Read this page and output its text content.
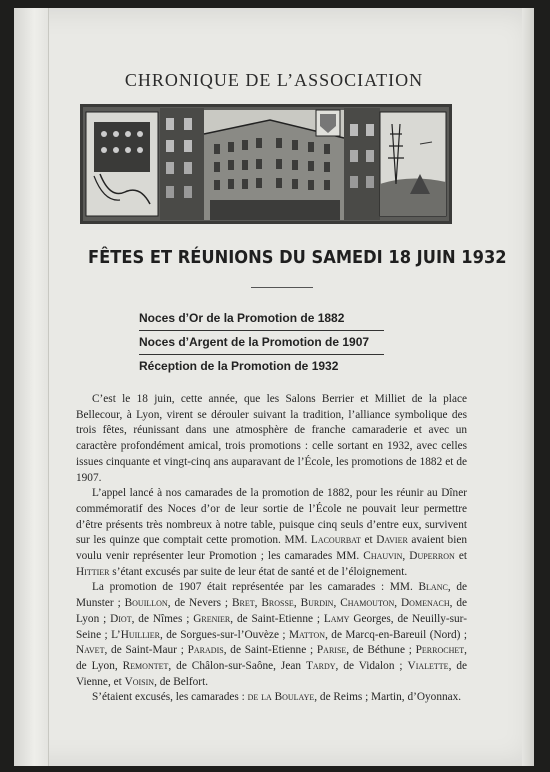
CHRONIQUE DE L’ASSOCIATION
FÊTES ET RÉUNIONS DU SAMEDI 18 JUIN 1932
Noces d’Or de la Promotion de 1882
Noces d’Argent de la Promotion de 1907
Réception de la Promotion de 1932

C’est le 18 juin, cette année, que les Salons Berrier et Milliet de la place Bellecour, à Lyon, virent se dérouler suivant la tradition, l’alliance symbolique des trois fêtes, réunissant dans une atmosphère de franche camaraderie et avec un caractère profondément amical, trois promotions : celle sortant en 1932, avec celles issues cinquante et vingt-cinq ans auparavant de l’École, les promotions de 1882 et de 1907.

L’appel lancé à nos camarades de la promotion de 1882, pour les réunir au Dîner commémoratif des Noces d’or de leur sortie de l’École ne pouvait leur permettre d’être présents très nombreux à notre table, puisque cinq seuls d’entre eux, survivent sur les quinze que comptait cette promotion. MM. Lacourbat et Davier avaient bien voulu venir représenter leur Promotion ; les camarades MM. Chauvin, Duperron et Hittier s’étant excusés par suite de leur état de santé et de l’éloignement.

La promotion de 1907 était représentée par les camarades : MM. Blanc, de Munster ; Bouillon, de Nevers ; Bret, Brosse, Burdin, Chamouton, Domenach, de Lyon ; Diot, de Nîmes ; Grenier, de Saint-Etienne ; Lamy Georges, de Neuilly-sur-Seine ; L’Huillier, de Sorgues-sur-l’Ouvèze ; Matton, de Marcq-en-Bareuil (Nord) ; Navet, de Saint-Maur ; Paradis, de Saint-Etienne ; Parise, de Béthune ; Perrochet, de Lyon, Remontet, de Châlon-sur-Saône, Jean Tardy, de Vidalon ; Vialette, de Vienne, et Voisin, de Belfort.

S’étaient excusés, les camarades : de la Boulaye, de Reims ; Martin, d’Oyonnax.
